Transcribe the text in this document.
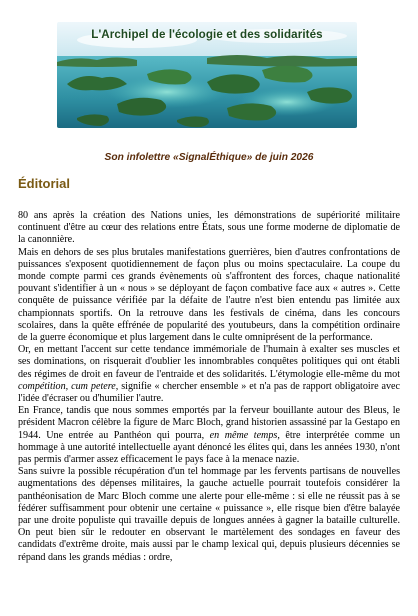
L'Archipel de l'écologie et des solidarités
Son infolettre «SignalÉthique» de juin 2026
Éditorial

80 ans après la création des Nations unies, les démonstrations de supériorité militaire continuent d'être au cœur des relations entre États, sous une forme moderne de diplomatie de la canonnière.

Mais en dehors de ses plus brutales manifestations guerrières, bien d'autres confrontations de puissances s'exposent quotidiennement de façon plus ou moins spectaculaire. La coupe du monde compte parmi ces grands évènements où s'affrontent des forces, chaque nationalité pouvant s'identifier à un « nous » se déployant de façon combative face aux « autres ». Cette conquête de puissance vérifiée par la défaite de l'autre n'est bien entendu pas limitée aux championnats sportifs. On la retrouve dans les festivals de cinéma, dans les concours scolaires, dans la quête effrénée de popularité des youtubeurs, dans la compétition ordinaire de la guerre économique et plus largement dans le culte omniprésent de la performance.

Or, en mettant l'accent sur cette tendance immémoriale de l'humain à exalter ses muscles et ses dominations, on risquerait d'oublier les innombrables conquêtes politiques qui ont établi des régimes de droit en faveur de l'entraide et des solidarités. L'étymologie elle-même du mot compétition, cum petere, signifie « chercher ensemble » et n'a pas de rapport obligatoire avec l'idée d'écraser ou d'humilier l'autre.

En France, tandis que nous sommes emportés par la ferveur bouillante autour des Bleus, le président Macron célèbre la figure de Marc Bloch, grand historien assassiné par la Gestapo en 1944. Une entrée au Panthéon qui pourra, en même temps, être interprétée comme un hommage à une autorité intellectuelle ayant dénoncé les élites qui, dans les années 1930, n'ont pas permis d'armer assez efficacement le pays face à la menace nazie.

Sans suivre la possible récupération d'un tel hommage par les fervents partisans de nouvelles augmentations des dépenses militaires, la gauche actuelle pourrait toutefois considérer la panthéonisation de Marc Bloch comme une alerte pour elle-même : si elle ne réussit pas à se fédérer suffisamment pour obtenir une certaine « puissance », elle risque bien d'être balayée par une droite populiste qui travaille depuis de longues années à gagner la bataille culturelle. On peut bien sûr le redouter en observant le martèlement des sondages en faveur des candidats d'extrême droite, mais aussi par le champ lexical qui, depuis plusieurs décennies se répand dans les grands médias : ordre,
